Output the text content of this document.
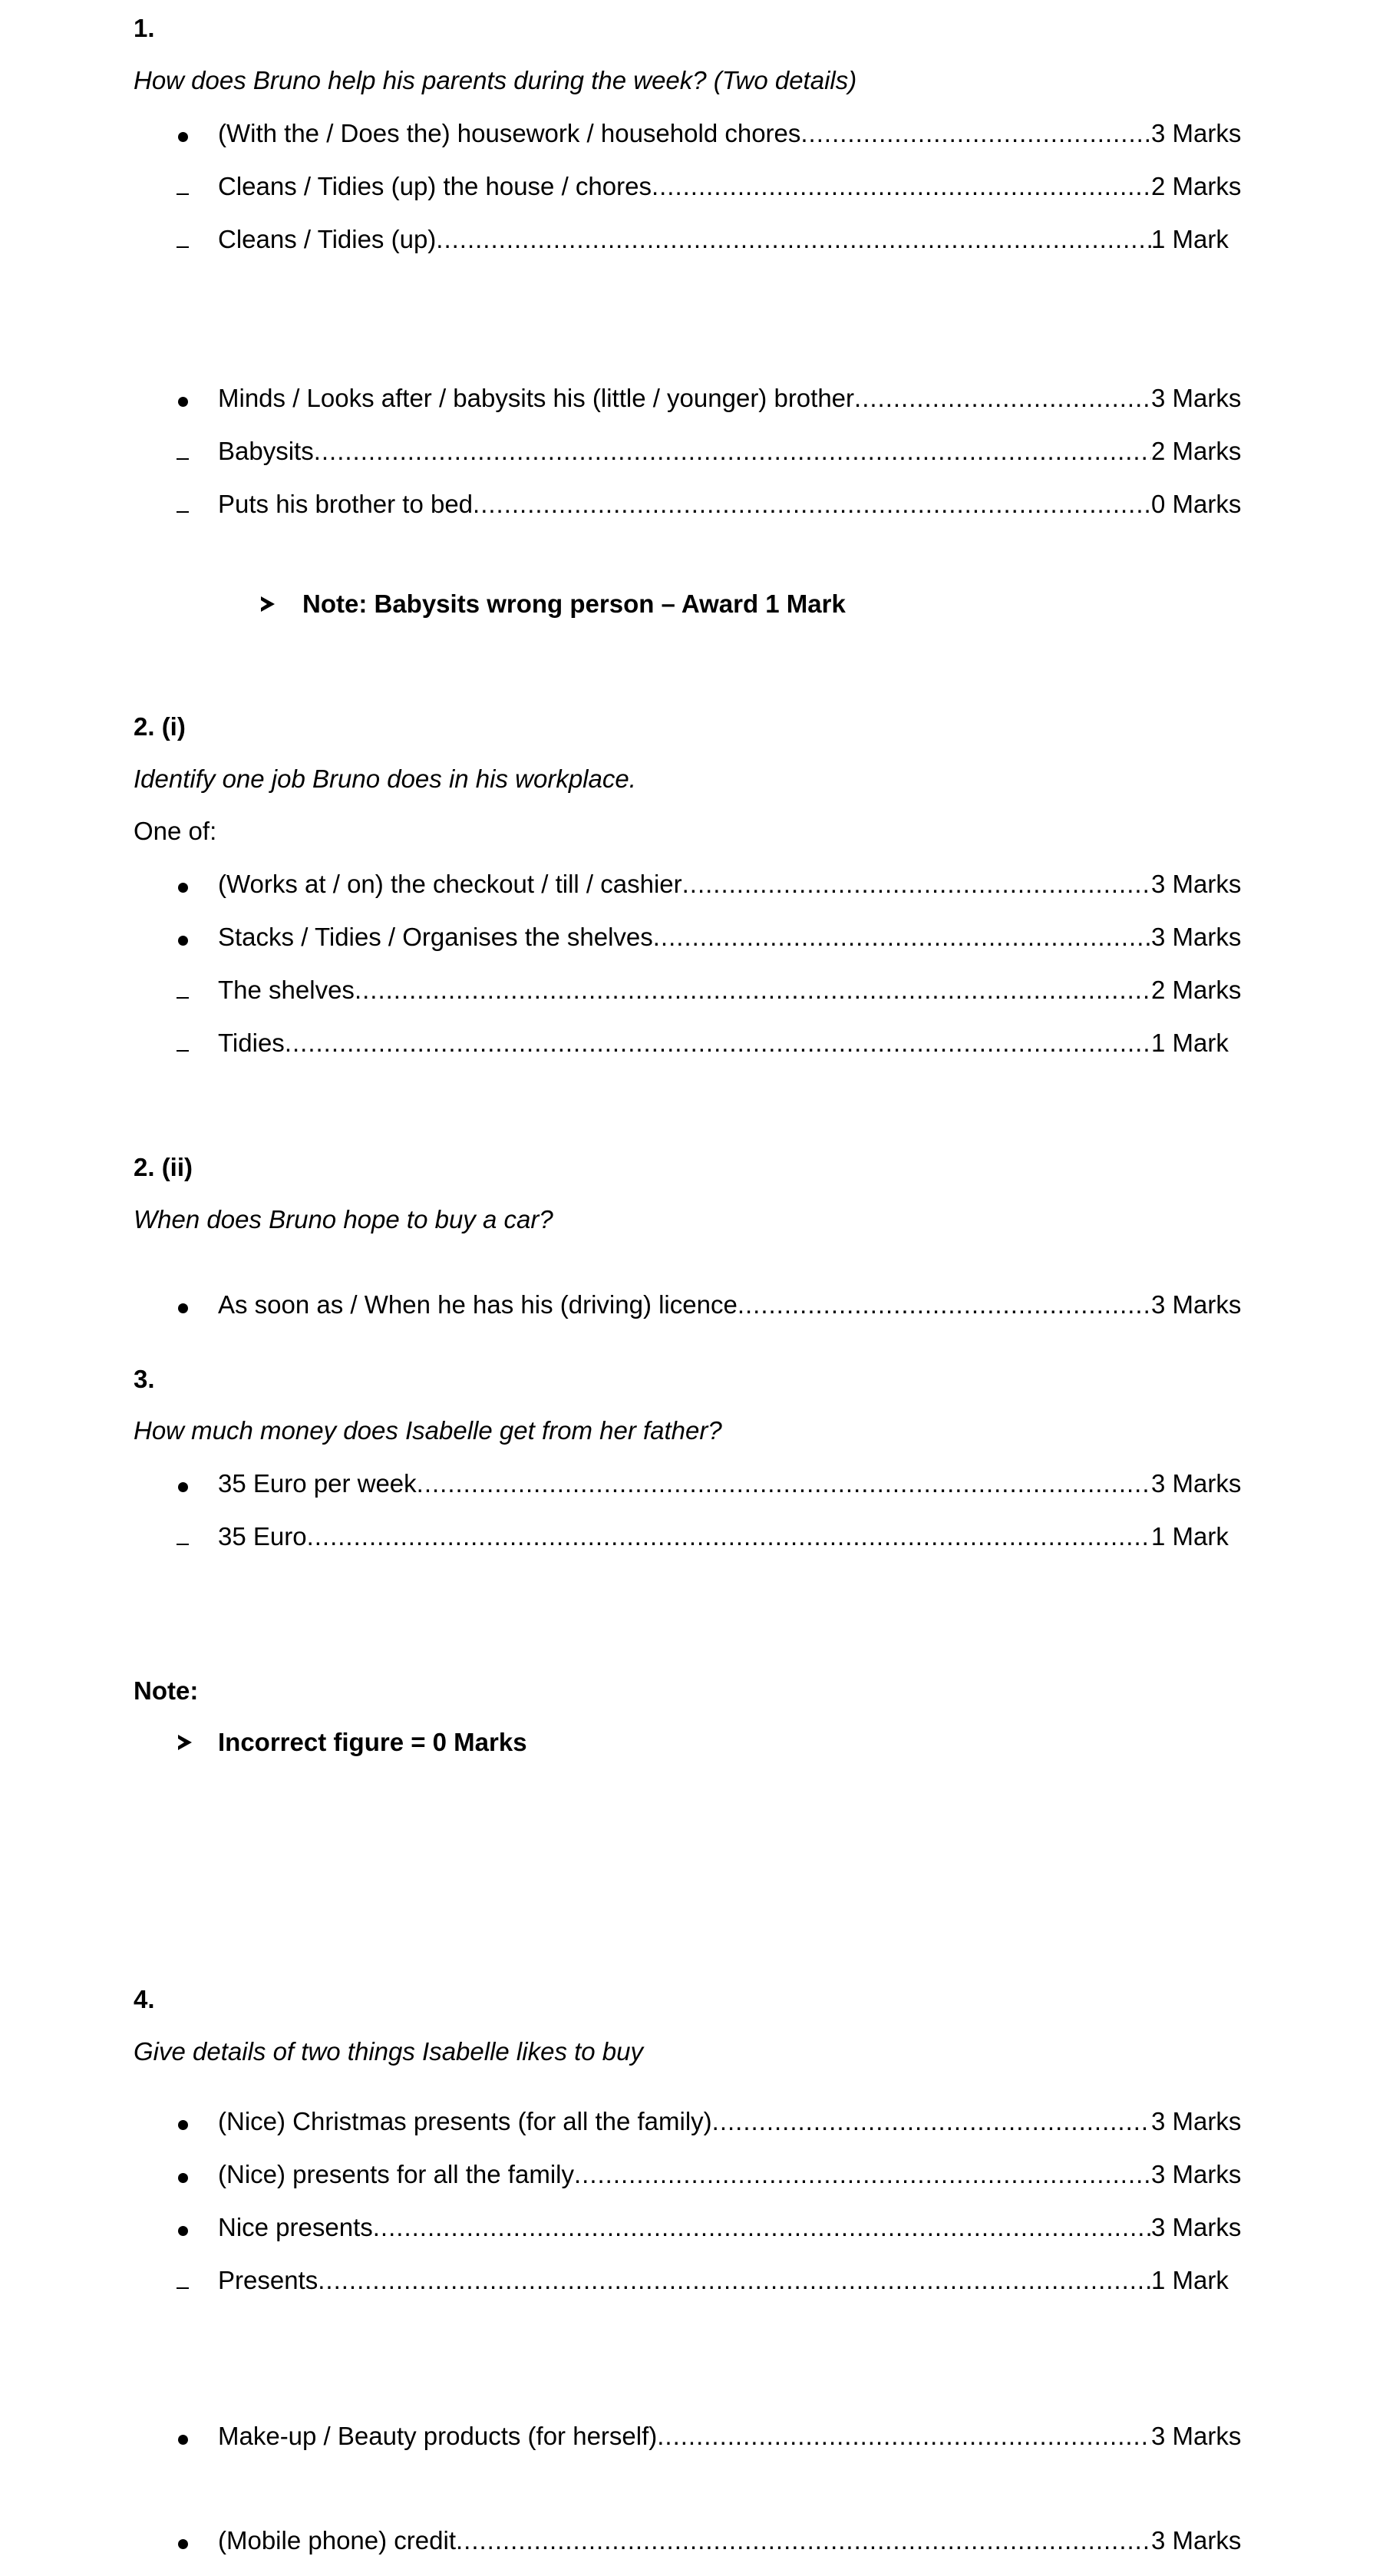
1.
How does Bruno help his parents during the week? (Two details)
(With the / Does the) housework / household chores .....	3 Marks
Cleans / Tidies (up) the house / chores .....	2 Marks
Cleans / Tidies (up) .....	1 Mark
Minds / Looks after / babysits his (little / younger) brother .....	3 Marks
Babysits .....	2 Marks
Puts his brother to bed .....	0 Marks
Note: Babysits wrong person – Award 1 Mark
2. (i)
Identify one job Bruno does in his workplace.
One of:
(Works at / on) the checkout / till / cashier .....	3 Marks
Stacks / Tidies / Organises the shelves .....	3 Marks
The shelves .....	2 Marks
Tidies .....	1 Mark
2. (ii)
When does Bruno hope to buy a car?
As soon as / When he has his (driving) licence .....	3 Marks
3.
How much money does Isabelle get from her father?
35 Euro per week .....	3 Marks
35 Euro .....	1 Mark
Note:
Incorrect figure = 0 Marks
4.
Give details of two things Isabelle likes to buy
(Nice) Christmas presents (for all the family) .....	3 Marks
(Nice) presents for all the family .....	3 Marks
Nice presents .....	3 Marks
Presents .....	1 Mark
Make-up / Beauty products (for herself) .....	3 Marks
(Mobile phone) credit .....	3 Marks
